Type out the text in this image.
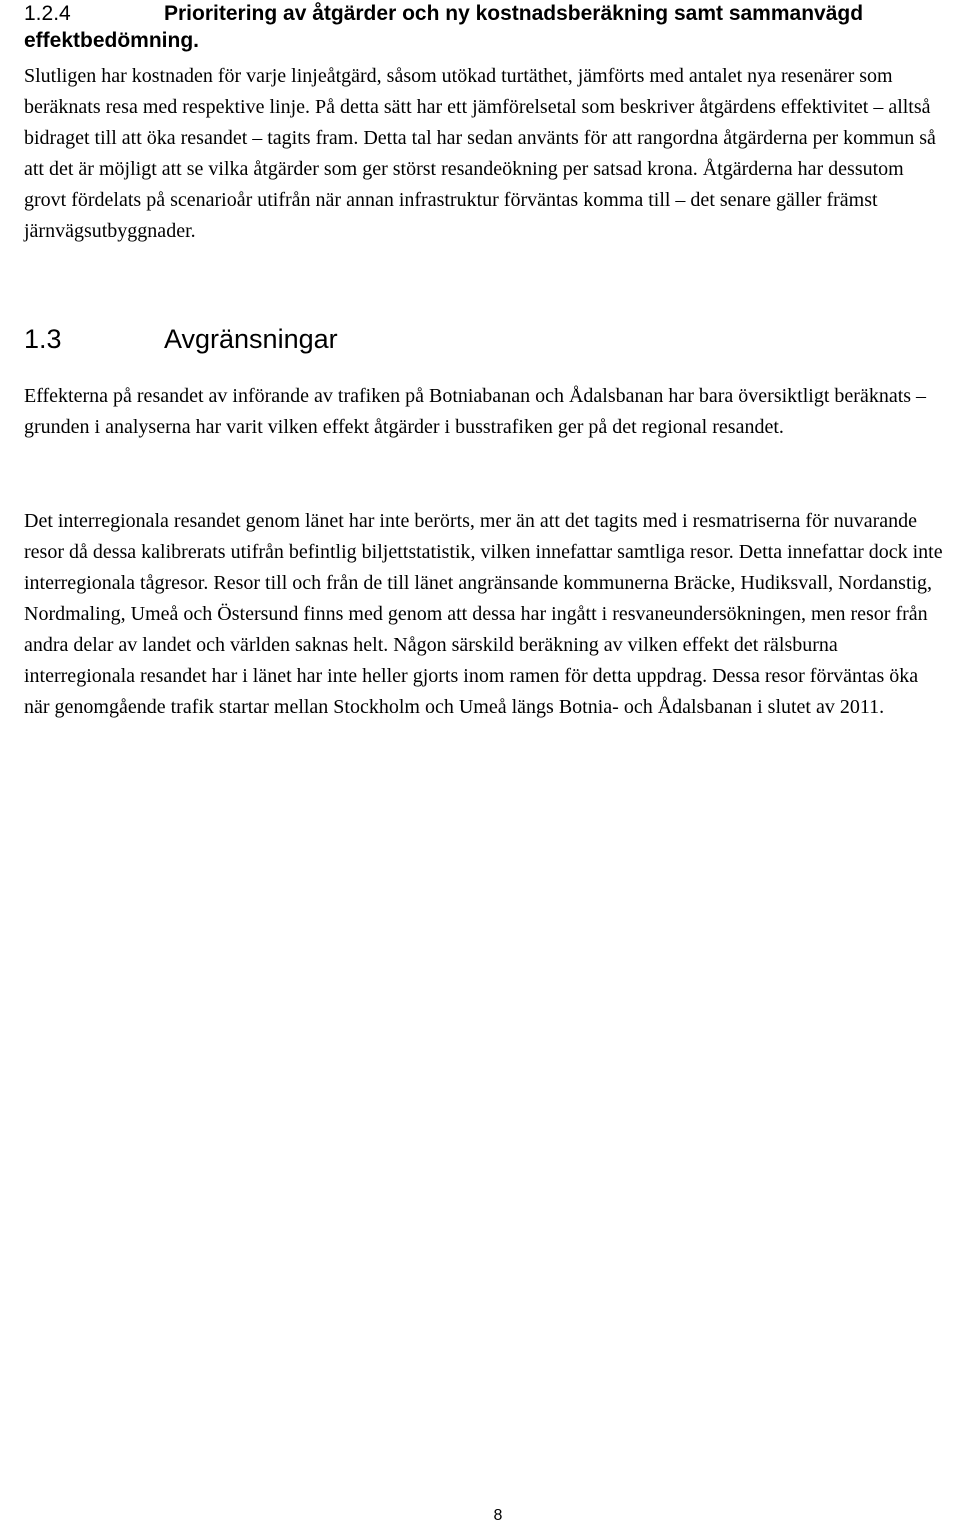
1.2.4	Prioritering av åtgärder och ny kostnadsberäkning samt sammanvägd effektbedömning.

Slutligen har kostnaden för varje linjeåtgärd, såsom utökad turtäthet, jämförts med antalet nya resenärer som beräknats resa med respektive linje. På detta sätt har ett jämförelsetal som beskriver åtgärdens effektivitet – alltså bidraget till att öka resandet – tagits fram. Detta tal har sedan använts för att rangordna åtgärderna per kommun så att det är möjligt att se vilka åtgärder som ger störst resandeökning per satsad krona. Åtgärderna har dessutom grovt fördelats på scenarioår utifrån när annan infrastruktur förväntas komma till – det senare gäller främst järnvägsutbyggnader.

1.3	Avgränsningar

Effekterna på resandet av införande av trafiken på Botniabanan och Ådalsbanan har bara översiktligt beräknats – grunden i analyserna har varit vilken effekt åtgärder i busstrafiken ger på det regional resandet.

Det interregionala resandet genom länet har inte berörts, mer än att det tagits med i resmatriserna för nuvarande resor då dessa kalibrerats utifrån befintlig biljettstatistik, vilken innefattar samtliga resor. Detta innefattar dock inte interregionala tågresor. Resor till och från de till länet angränsande kommunerna Bräcke, Hudiksvall, Nordanstig, Nordmaling, Umeå och Östersund finns med genom att dessa har ingått i resvaneundersökningen, men resor från andra delar av landet och världen saknas helt. Någon särskild beräkning av vilken effekt det rälsburna interregionala resandet har i länet har inte heller gjorts inom ramen för detta uppdrag. Dessa resor förväntas öka när genomgående trafik startar mellan Stockholm och Umeå längs Botnia- och Ådalsbanan i slutet av 2011.

8
